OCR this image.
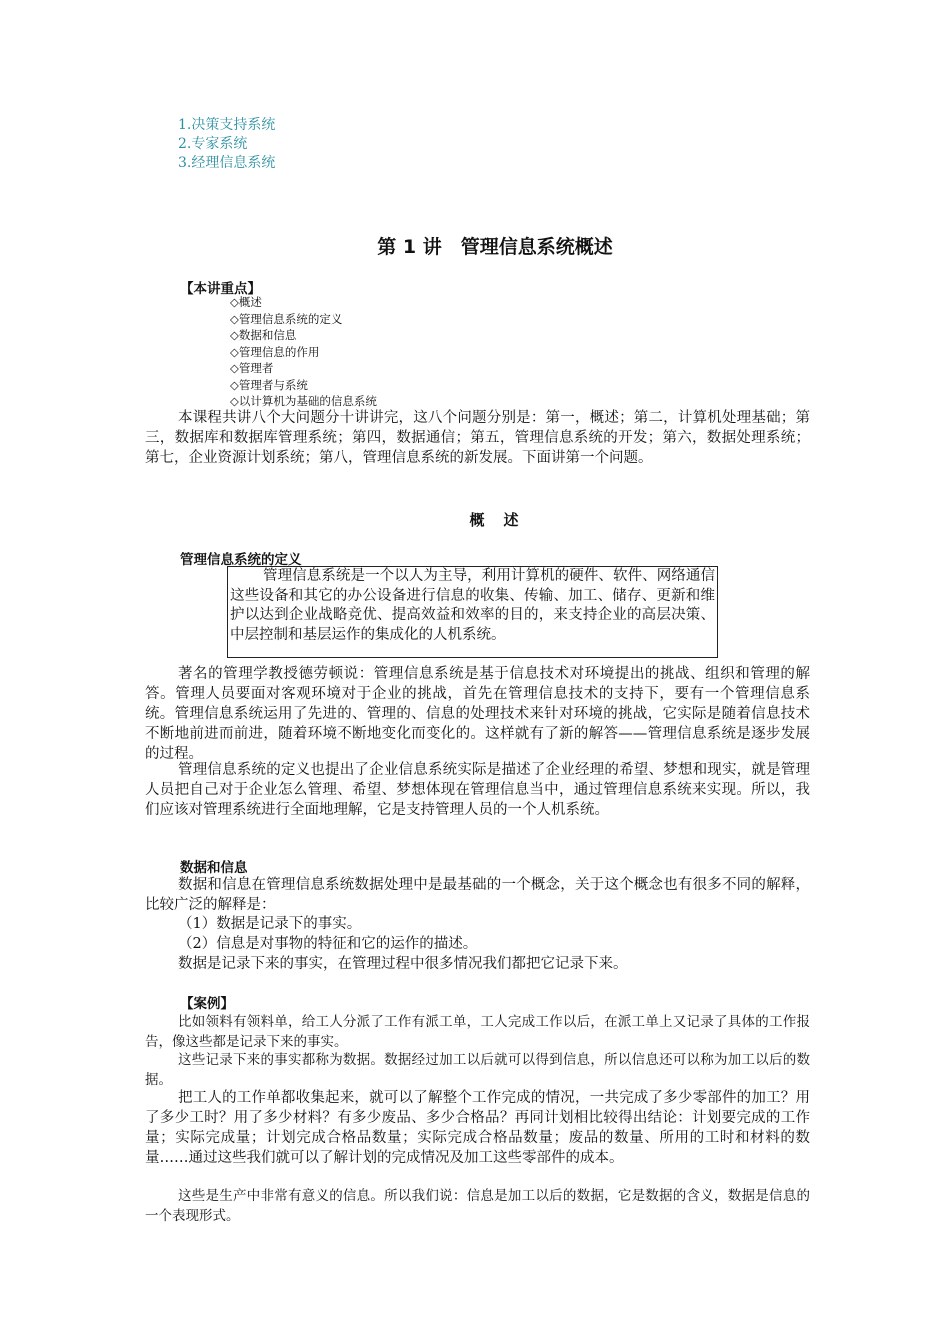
1.决策支持系统
2.专家系统
3.经理信息系统
第 1 讲　管理信息系统概述
【本讲重点】
◇概述
◇管理信息系统的定义
◇数据和信息
◇管理信息的作用
◇管理者
◇管理者与系统
◇以计算机为基础的信息系统

本课程共讲八个大问题分十讲讲完，这八个问题分别是：第一，概述；第二，计算机处理基础；第三，数据库和数据库管理系统；第四，数据通信；第五，管理信息系统的开发；第六，数据处理系统；第七，企业资源计划系统；第八，管理信息系统的新发展。下面讲第一个问题。

概　述
管理信息系统的定义
管理信息系统是一个以人为主导，利用计算机的硬件、软件、网络通信这些设备和其它的办公设备进行信息的收集、传输、加工、储存、更新和维护以达到企业战略竞优、提高效益和效率的目的，来支持企业的高层决策、中层控制和基层运作的集成化的人机系统。

著名的管理学教授德劳顿说：管理信息系统是基于信息技术对环境提出的挑战、组织和管理的解答。管理人员要面对客观环境对于企业的挑战，首先在管理信息技术的支持下，要有一个管理信息系统。管理信息系统运用了先进的、管理的、信息的处理技术来针对环境的挑战，它实际是随着信息技术不断地前进而前进，随着环境不断地变化而变化的。这样就有了新的解答——管理信息系统是逐步发展的过程。

管理信息系统的定义也提出了企业信息系统实际是描述了企业经理的希望、梦想和现实，就是管理人员把自己对于企业怎么管理、希望、梦想体现在管理信息当中，通过管理信息系统来实现。所以，我们应该对管理系统进行全面地理解，它是支持管理人员的一个人机系统。

数据和信息

数据和信息在管理信息系统数据处理中是最基础的一个概念，关于这个概念也有很多不同的解释，比较广泛的解释是：

（1）数据是记录下的事实。
（2）信息是对事物的特征和它的运作的描述。
数据是记录下来的事实，在管理过程中很多情况我们都把它记录下来。
【案例】

比如领料有领料单，给工人分派了工作有派工单，工人完成工作以后，在派工单上又记录了具体的工作报告，像这些都是记录下来的事实。

这些记录下来的事实都称为数据。数据经过加工以后就可以得到信息，所以信息还可以称为加工以后的数据。

把工人的工作单都收集起来，就可以了解整个工作完成的情况，一共完成了多少零部件的加工？用了多少工时？用了多少材料？有多少废品、多少合格品？再同计划相比较得出结论：计划要完成的工作量；实际完成量；计划完成合格品数量；实际完成合格品数量；废品的数量、所用的工时和材料的数量……通过这些我们就可以了解计划的完成情况及加工这些零部件的成本。

这些是生产中非常有意义的信息。所以我们说：信息是加工以后的数据，它是数据的含义，数据是信息的一个表现形式。
